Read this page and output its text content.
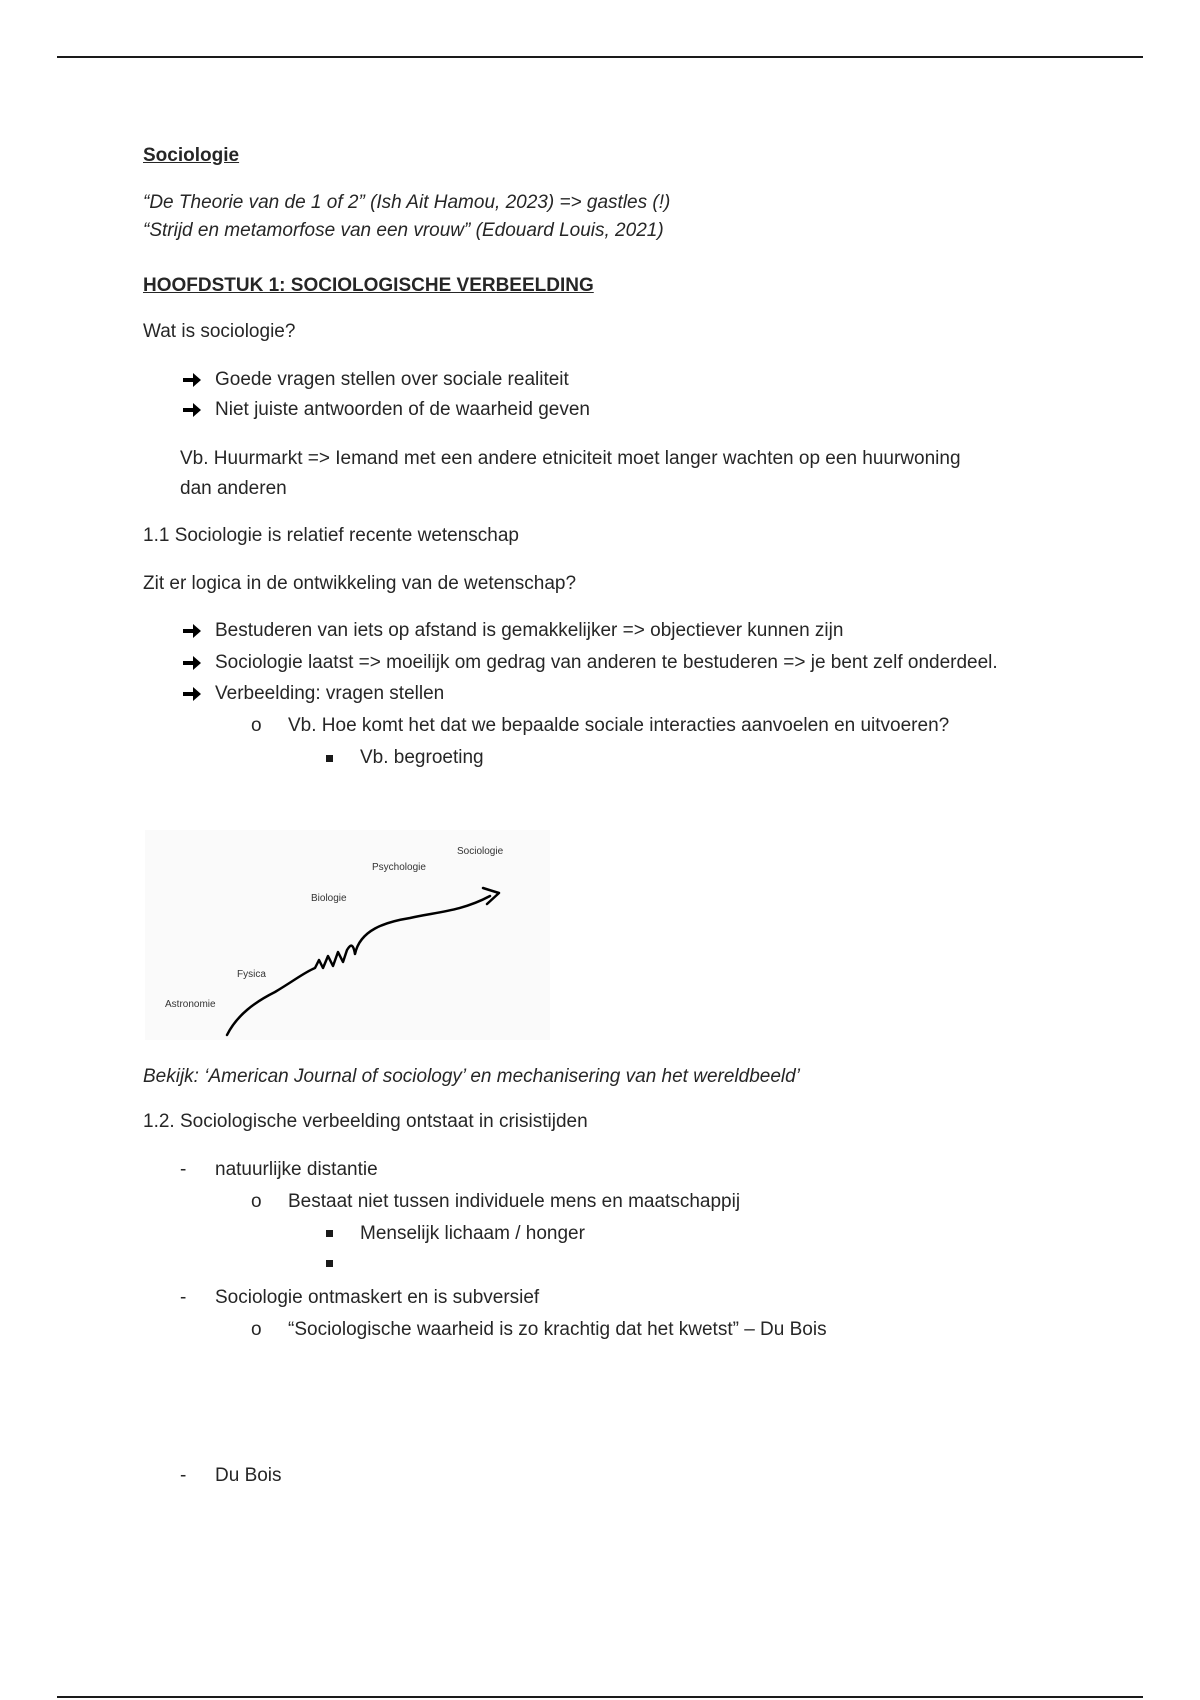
Sociologie
“De Theorie van de 1 of 2” (Ish Ait Hamou, 2023) => gastles (!)
“Strijd en metamorfose van een vrouw” (Edouard Louis, 2021)
HOOFDSTUK 1: SOCIOLOGISCHE VERBEELDING
Wat is sociologie?
Goede vragen stellen over sociale realiteit
Niet juiste antwoorden of de waarheid geven
Vb. Huurmarkt => Iemand met een andere etniciteit moet langer wachten op een huurwoning
dan anderen
1.1 Sociologie is relatief recente wetenschap
Zit er logica in de ontwikkeling van de wetenschap?
Bestuderen van iets op afstand is gemakkelijker => objectiever kunnen zijn
Sociologie laatst => moeilijk om gedrag van anderen te bestuderen => je bent zelf onderdeel.
Verbeelding: vragen stellen
o Vb. Hoe komt het dat we bepaalde sociale interacties aanvoelen en uitvoeren?
Vb. begroeting
Astronomie
Fysica
Biologie
Psychologie
Sociologie
Bekijk: ‘American Journal of sociology’ en mechanisering van het wereldbeeld’
1.2. Sociologische verbeelding ontstaat in crisistijden
- natuurlijke distantie
o Bestaat niet tussen individuele mens en maatschappij
Menselijk lichaam / honger
- Sociologie ontmaskert en is subversief
o “Sociologische waarheid is zo krachtig dat het kwetst” – Du Bois
- Du Bois
